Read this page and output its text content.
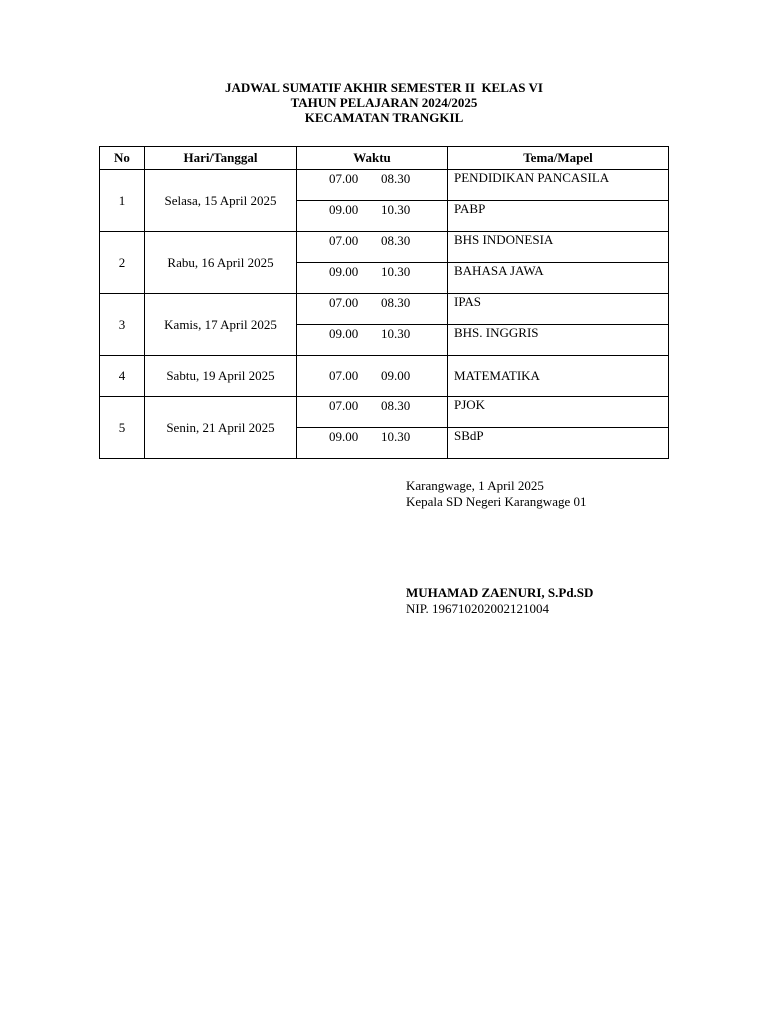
JADWAL SUMATIF AKHIR SEMESTER II  KELAS VI
TAHUN PELAJARAN 2024/2025
KECAMATAN TRANGKIL
No	Hari/Tanggal	Waktu	Tema/Mapel
1	Selasa, 15 April 2025	07.00 08.30	PENDIDIKAN PANCASILA

		09.00 10.30	PABP

2	Rabu, 16 April 2025	07.00 08.30	BHS INDONESIA

		09.00 10.30	BAHASA JAWA

3	Kamis, 17 April 2025	07.00 08.30	IPAS

		09.00 10.30	BHS. INGGRIS

4	Sabtu, 19 April 2025	07.00 09.00	MATEMATIKA

5	Senin, 21 April 2025	07.00 08.30	PJOK

		09.00 10.30	SBdP
Karangwage, 1 April 2025
Kepala SD Negeri Karangwage 01
MUHAMAD ZAENURI, S.Pd.SD
NIP. 196710202002121004
